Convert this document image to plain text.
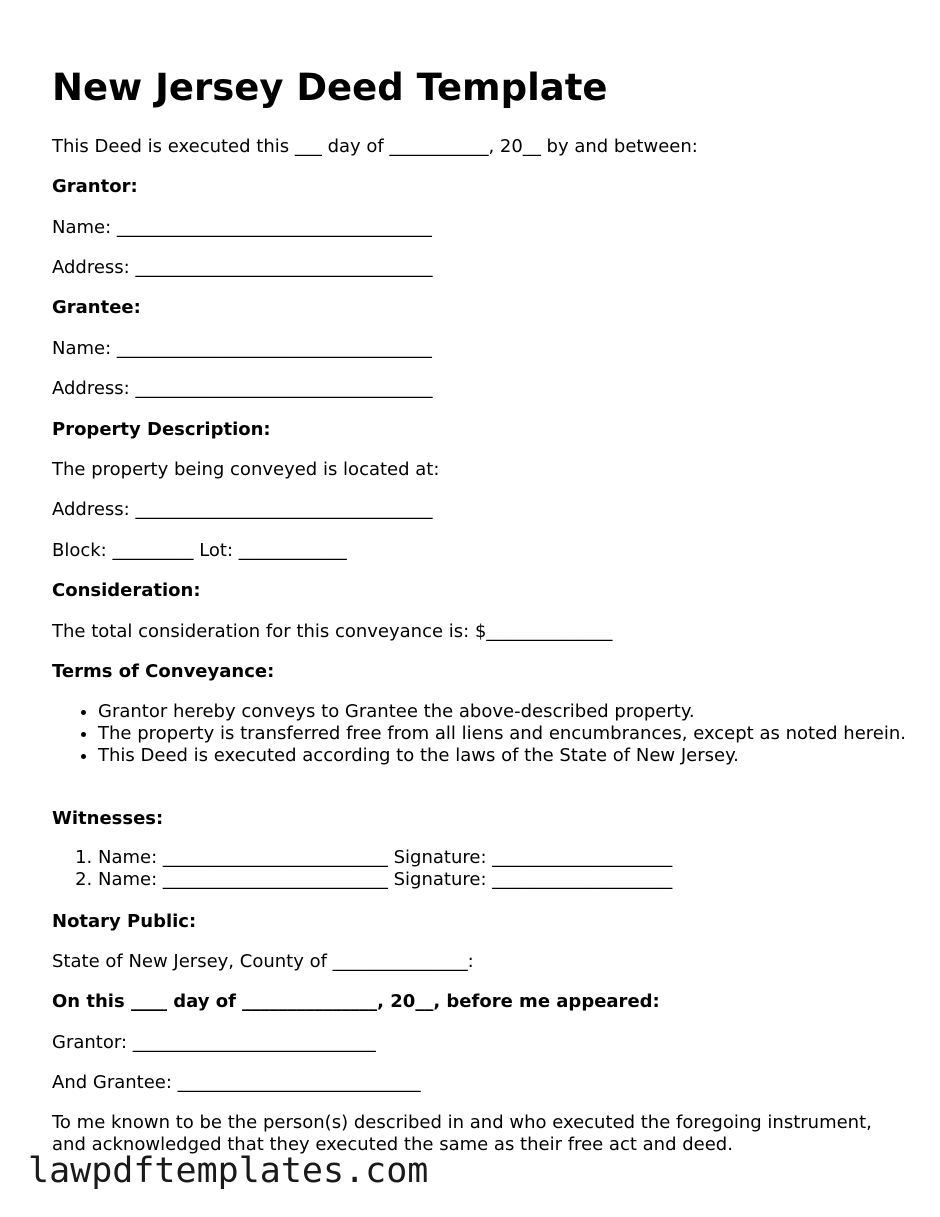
New Jersey Deed Template

This Deed is executed this ___ day of ___________, 20__ by and between:

Grantor:

Name: ___________________________________

Address: _________________________________

Grantee:

Name: ___________________________________

Address: _________________________________

Property Description:

The property being conveyed is located at:

Address: _________________________________

Block: _________ Lot: ____________

Consideration:

The total consideration for this conveyance is: $______________

Terms of Conveyance:

• Grantor hereby conveys to Grantee the above-described property.
• The property is transferred free from all liens and encumbrances, except as noted herein.
• This Deed is executed according to the laws of the State of New Jersey.

Witnesses:

1. Name: _________________________ Signature: ____________________
2. Name: _________________________ Signature: ____________________

Notary Public:

State of New Jersey, County of _______________:

On this ____ day of _______________, 20__, before me appeared:

Grantor: ___________________________

And Grantee: ___________________________

To me known to be the person(s) described in and who executed the foregoing instrument, and acknowledged that they executed the same as their free act and deed.

lawpdftemplates.com
